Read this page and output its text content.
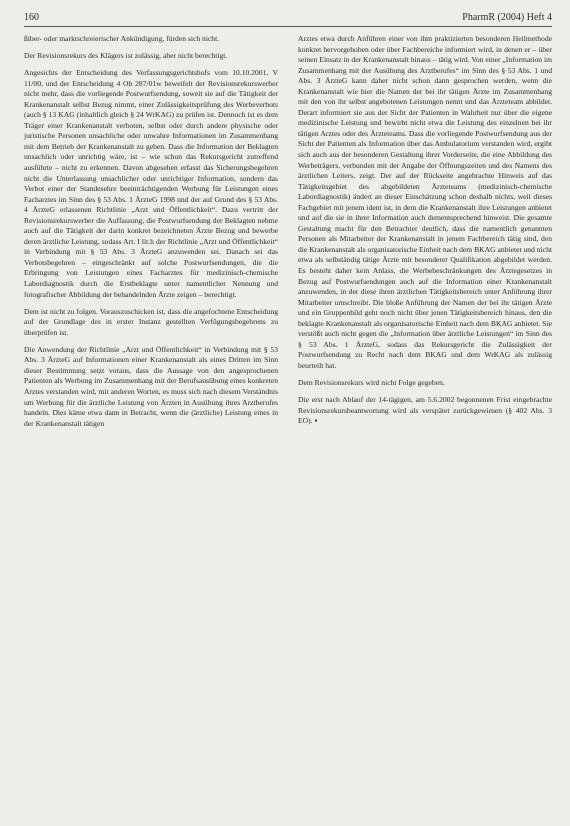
160	PharmR (2004) Heft 4

ßiber- oder marktschreierischer Ankündigung, fürden sich nicht.

Der Revisionsrekurs des Klägers ist zulässig, aber nicht berechtigt.

Angesichts der Entscheidung des Verfassungsgerichtshofs vom 10.10.2001, V 11/00, und der Entscheidung 4 Ob 287/01w beweifelt der Revisionsrekurswerber nicht mehr, dass die vorliegende Postwurfsendung, soweit sie auf die Tätigkeit der Krankenanstalt selbst Bezug nimmt, einer Zulässigkeitsprüfung des Werbeverbots (auch § 13 KAG (inhaltlich gleich § 24 WrKAG) zu prüfen ist. Dennoch ist es dem Träger einer Krankenanstalt verboten, selbst oder durch andere physische oder juristische Personen unsachliche oder unwahre Informationen im Zusammenhang mit dem Betrieb der Krankenanstalt zu geben. Dass die Information der Beklagten unsachlich oder unrichtig wäre, ist – wie schon das Rekursgericht zutreffend ausführte – nicht zu erkennen. Davon abgesehen erfasst das Sicherungsbegehren nicht die Unterlassung unsachlicher oder unrichtiger Information, sondern das Verbot einer der Standesehre beeinträchtigenden Werbung für Leistungen eines Facharztes im Sinn des § 53 Abs. 1 ÄrzteG 1998 und der auf Grund des § 53 Abs. 4 ÄrzteG erlassenen Richtlinie „Arzt und Öffentlichkeit“. Dazu vertritt der Revisionsrekurswerber die Auffassung, die Postwurfsendung der Beklagten nehme auch auf die Tätigkeit der darin konkret bezeichneten Ärzte Bezug und bewerbe deren ärztliche Leistung, sodass Art. I lit.h der Richtlinie „Arzt und Öffentlichkeit“ in Verbindung mit § 53 Abs. 3 ÄrzteG anzuwenden sei. Danach sei das Verbotsbegehren – eingeschränkt auf solche Postwurfsendungen, die die Erbringung von Leistungen eines Facharztes für medizinisch-chemische Labordiagnostik durch die Erstbeklagte unter namentlicher Nennung und fotografischer Abbildung der behandelnden Ärzte zeigen – berechtigt.

Dem ist nicht zu folgen. Vorauszuschicken ist, dass die angefochtene Entscheidung auf der Grundlage des in erster Instanz gestellten Verfügungsbegehrens zu überprüfen ist.

Die Anwendung der Richtlinie „Arzt und Öffentlichkeit“ in Verbindung mit § 53 Abs. 3 ÄrzteG auf Informationen einer Krankenanstalt als eines Dritten im Sinn dieser Bestimmung setzt voraus, dass die Aussage von den angesprochenen Patienten als Werbung im Zusammenhang mit der Berufsausübung eines konkreten Arztes verstanden wird, mit anderen Worten, es muss sich nach diesem Verständnis um Werbung für die ärztliche Leistung von Ärzten in Ausübung ihres Arztberufes handeln. Dies käme etwa dann in Betracht, wenn die (ärztliche) Leistung eines in der Krankenanstalt tätigen

Arztes etwa durch Anführen einer von ihm praktizierten besonderen Heilmethode konkret hervorgehoben oder über Fachbereiche informiert wird, in denen er – über seinen Einsatz in der Krankenanstalt hinaus – tätig wird. Von einer „Information im Zusammenhang mit der Ausübung des Arztberufes“ im Sinn des § 53 Abs. 1 und Abs. 3 ÄrzteG kann daher nicht schon dann gesprochen werden, wenn die Krankenanstalt wie hier die Namen der bei ihr tätigen Ärzte im Zusammenhang mit den von ihr selbst angebotenen Leistungen nennt und das Ärzteteam abbildet. Derart informiert sie aus der Sicht der Patienten in Wahrheit nur über die eigene medizinische Leistung und bewirbt nicht etwa die Leistung des einzelnen bei ihr tätigen Arztes oder des Ärzteteams. Dass die vorliegende Postwurfsendung aus der Sicht der Patienten als Information über das Ambulatorium verstanden wird, ergibt sich auch aus der besonderen Gestaltung ihrer Vorderseite, die eine Abbildung des Werbeträgers, verbunden mit der Angabe der Öffnungszeiten und des Namens des ärztlichen Leiters, zeigt. Der auf der Rückseite angebrachte Hinweis auf das Tätigkeitsgebiet des abgebildeten Ärzteteams (medizinisch-chemische Labordiagnostik) ändert an dieser Einschätzung schon deshalb nichts, weil dieses Fachgebiet mit jenem ident ist, in dem die Krankenanstalt ihre Leistungen anbietet und auf die sie in ihrer Information auch dementsprechend hinweist. Die gesamte Gestaltung macht für den Betrachter deutlich, dass die namentlich genannten Personen als Mitarbeiter der Krankenanstalt in jenem Fachbereich tätig sind, den die Krankenanstalt als organisatorische Einheit nach dem BKAG anbietet und nicht etwa als selbständig tätige Ärzte mit besonderer Qualifikation abgebildet werden. Es besteht daher kein Anlass, die Werbebeschränkungen des Ärztegesetzes in Bezug auf Postwurfsendungen auch auf die Information einer Krankenanstalt anzuwenden, in der diese ihren ärztlichen Tätigkeitsbereich unter Anführung ihrer Mitarbeiter umschreibt. Die bloße Anführung der Namen der bei ihr tätigen Ärzte und ein Gruppenbild geht noch nicht über jenen Tätigkeitsbereich hinaus, den die beklagte Krankenanstalt als organisatorische Einheit nach dem BKAG anbietet. Sie verstößt auch nicht gegen die „Information über ärztliche Leistungen“ im Sinn des § 53 Abs. 1 ÄrzteG, sodass das Rekursgericht die Zulässigkeit der Postwurfsendung zu Recht nach dem BKAG und dem WrKAG als zulässig beurteilt hat.

Dem Revisionsrekurs wird nicht Folge gegeben.

Die erst nach Ablauf der 14-tägigen, am 5.6.2002 begonnenen Frist eingebrachte Revisionsrekursbeantwortung wird als verspätet zurückgewiesen (§ 402 Abs. 3 EO). ▪
